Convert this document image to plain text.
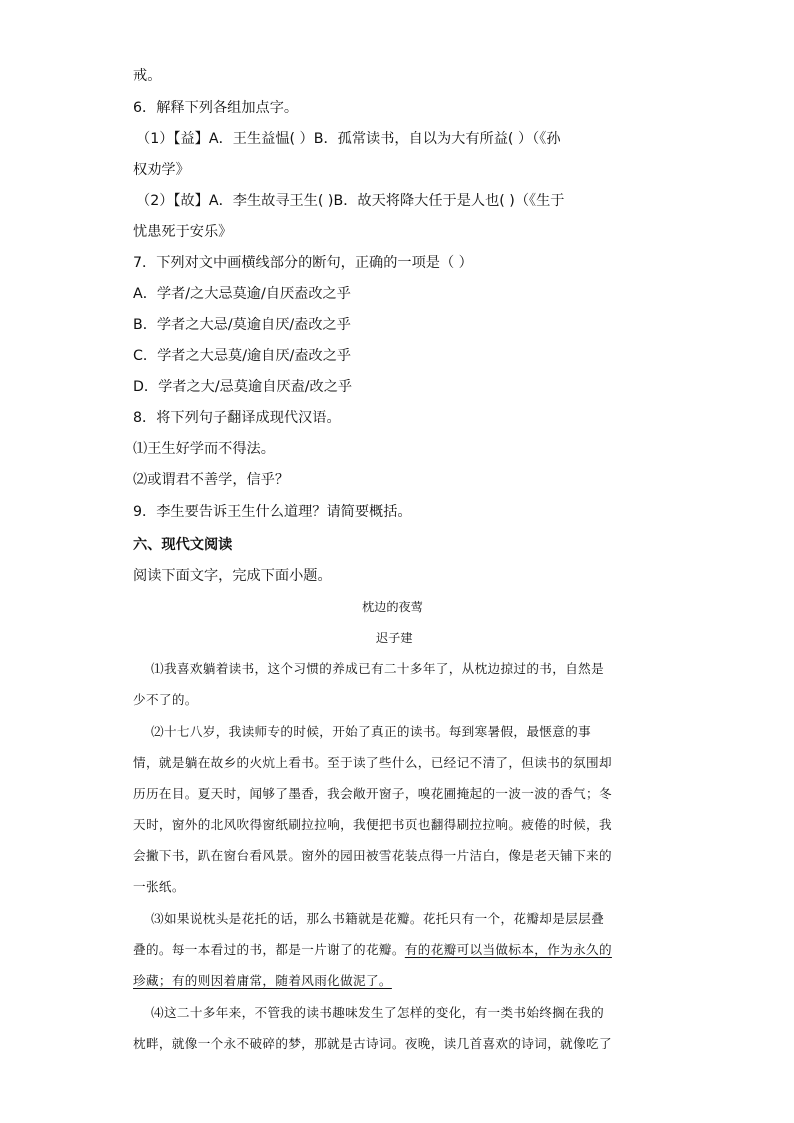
戒。
6．解释下列各组加点字。
（1）【益】A．王生益愠( ）B．孤常读书，自以为大有所益( ）（《孙
权劝学》
（2）【故】A．李生故寻王生( )B．故天将降大任于是人也( )（《生于
忧患死于安乐》
7．下列对文中画横线部分的断句，正确的一项是（ ）
A．学者/之大忌莫逾/自厌盍改之乎
B．学者之大忌/莫逾自厌/盍改之乎
C．学者之大忌莫/逾自厌/盍改之乎
D．学者之大/忌莫逾自厌盍/改之乎
8．将下列句子翻译成现代汉语。
⑴王生好学而不得法。
⑵或谓君不善学，信乎？
9．李生要告诉王生什么道理？请简要概括。
六、现代文阅读
阅读下面文字，完成下面小题。
枕边的夜莺
迟子建
⑴我喜欢躺着读书，这个习惯的养成已有二十多年了，从枕边掠过的书，自然是
少不了的。
⑵十七八岁，我读师专的时候，开始了真正的读书。每到寒暑假，最惬意的事
情，就是躺在故乡的火炕上看书。至于读了些什么，已经记不清了，但读书的氛围却
历历在目。夏天时，闻够了墨香，我会敞开窗子，嗅花圃掩起的一波一波的香气；冬
天时，窗外的北风吹得窗纸刷拉拉响，我便把书页也翻得刷拉拉响。疲倦的时候，我
会撇下书，趴在窗台看风景。窗外的园田被雪花装点得一片洁白，像是老天铺下来的
一张纸。
⑶如果说枕头是花托的话，那么书籍就是花瓣。花托只有一个，花瓣却是层层叠
叠的。每一本看过的书，都是一片谢了的花瓣。有的花瓣可以当做标本，作为永久的
珍藏；有的则因着庸常，随着风雨化做泥了。
⑷这二十多年来，不管我的读书趣味发生了怎样的变化，有一类书始终搁在我的
枕畔，就像一个永不破碎的梦，那就是古诗词。夜晚，读几首喜欢的诗词，就像吃了
